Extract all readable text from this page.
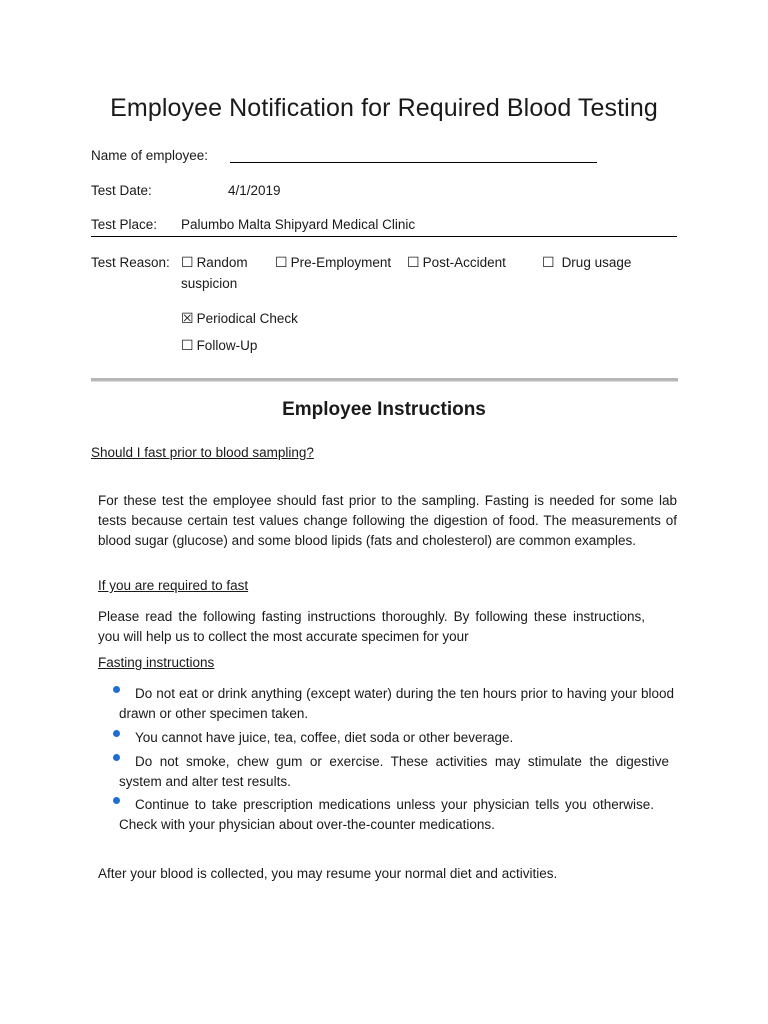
Employee Notification for Required Blood Testing
Name of employee:
Test Date:	4/1/2019
Test Place: Palumbo Malta Shipyard Medical Clinic
Test Reason: ☐ Random
suspicion
☐ Pre-Employment ☐ Post-Accident	☐ Drug usage
☒ Periodical Check
☐ Follow-Up
Employee Instructions
Should I fast prior to blood sampling?
For these test the employee should fast prior to the sampling. Fasting is needed for some lab tests because certain test values change following the digestion of food. The measurements of blood sugar (glucose) and some blood lipids (fats and cholesterol) are common examples.
If you are required to fast
Please read the following fasting instructions thoroughly. By following these instructions, you will help us to collect the most accurate specimen for your
Fasting instructions
Do not eat or drink anything (except water) during the ten hours prior to having your blood drawn or other specimen taken.
You cannot have juice, tea, coffee, diet soda or other beverage.
Do not smoke, chew gum or exercise. These activities may stimulate the digestive system and alter test results.
Continue to take prescription medications unless your physician tells you otherwise. Check with your physician about over-the-counter medications.
After your blood is collected, you may resume your normal diet and activities.
